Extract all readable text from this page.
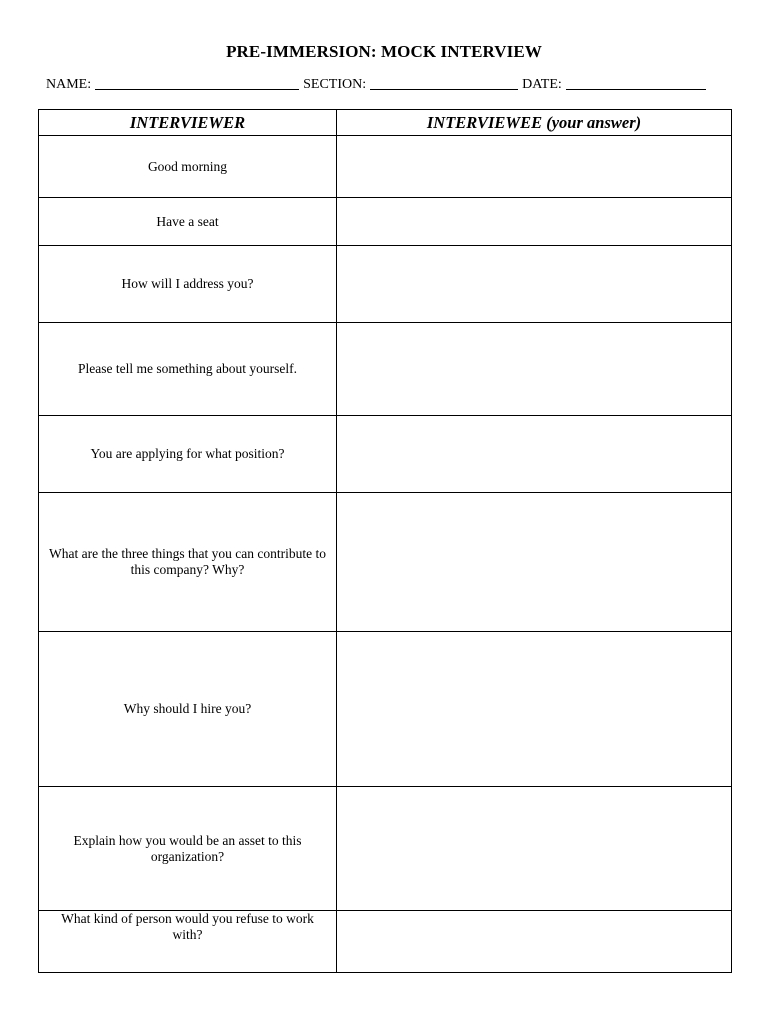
PRE-IMMERSION: MOCK INTERVIEW
NAME:	SECTION:	DATE:
INTERVIEWER	INTERVIEWEE (your answer)
Good morning	
Have a seat	
How will I address you?	
Please tell me something about yourself.	
You are applying for what position?	
What are the three things that you can contribute to this company? Why?	
Why should I hire you?	
Explain how you would be an asset to this organization?	
What kind of person would you refuse to work with?	
